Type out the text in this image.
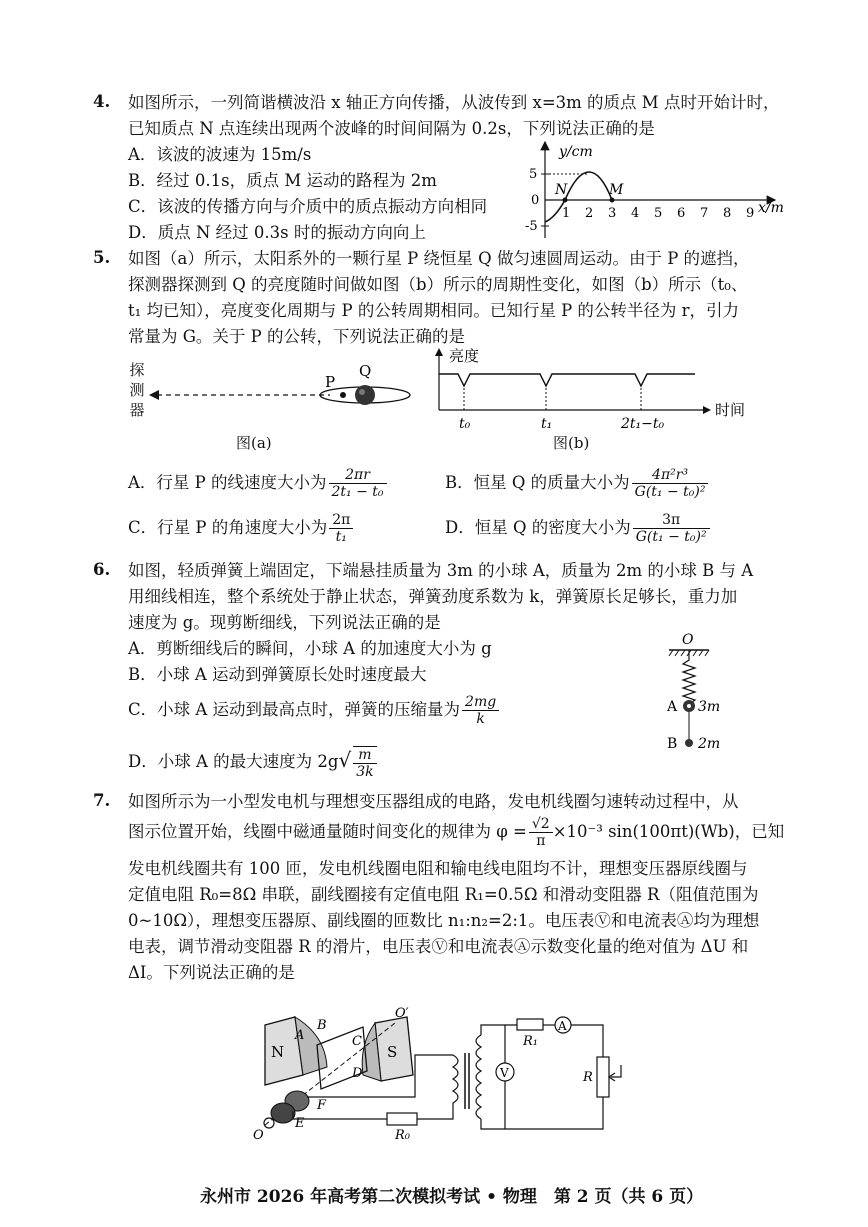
4. 如图所示，一列简谐横波沿 x 轴正方向传播，从波传到 x=3m 的质点 M 点时开始计时，
已知质点 N 点连续出现两个波峰的时间间隔为 0.2s，下列说法正确的是
A．该波的波速为 15m/s
B．经过 0.1s，质点 M 运动的路程为 2m
C．该波的传播方向与介质中的质点振动方向相同
D．质点 N 经过 0.3s 时的振动方向向上
y/cm
5
0
-5
N	M
1 2 3 4 5 6 7 8 9 x/m
5. 如图（a）所示，太阳系外的一颗行星 P 绕恒星 Q 做匀速圆周运动。由于 P 的遮挡，
探测器探测到 Q 的亮度随时间做如图（b）所示的周期性变化，如图（b）所示（t₀、
t₁ 均已知），亮度变化周期与 P 的公转周期相同。已知行星 P 的公转半径为 r，引力
常量为 G。关于 P 的公转，下列说法正确的是
探测器
P
Q
图(a)
亮度
t₀	t₁	2t₁−t₀
时间
图(b)
A．行星 P 的线速度大小为 $\frac{2\pi r}{\text{2t₁ − t₀}}$	B．恒星 Q 的质量大小为 $\frac{\text{4π²r³}}{\text{G(t₁ − t₀)²}}$
C．行星 P 的角速度大小为 $\frac{2\pi}{\text{t₁}}$	D．恒星 Q 的密度大小为 $\frac{3\pi}{\text{G(t₁ − t₀)²}}$
6. 如图，轻质弹簧上端固定，下端悬挂质量为 3m 的小球 A，质量为 2m 的小球 B 与 A
用细线相连，整个系统处于静止状态，弹簧劲度系数为 k，弹簧原长足够长，重力加
速度为 g。现剪断细线，下列说法正确的是
A．剪断细线后的瞬间，小球 A 的加速度大小为 g
B．小球 A 运动到弹簧原长处时速度最大
C．小球 A 运动到最高点时，弹簧的压缩量为 $\frac{2mg}{k}$
D．小球 A 的最大速度为 $2g√ \frac{m}{3k}$
O
A 3m
B 2m
7. 如图所示为一小型发电机与理想变压器组成的电路，发电机线圈匀速转动过程中，从
图示位置开始，线圈中磁通量随时间变化的规律为 $\varphi = \frac{√2}{\pi} \times 10^{-3}$ sin(100πt)(Wb)，已知
发电机线圈共有 100 匝，发电机线圈电阻和输电线电阻均不计，理想变压器原线圈与
定值电阻 R₀=8Ω 串联，副线圈接有定值电阻 R₁=0.5Ω 和滑动变阻器 R（阻值范围为
0~10Ω），理想变压器原、副线圈的匝数比 n₁:n₂=2:1。电压表Ⓥ和电流表Ⓐ均为理想
电表，调节滑动变阻器 R 的滑片，电压表Ⓥ和电流表Ⓐ示数变化量的绝对值为 ΔU 和
ΔI。下列说法正确的是
N	S
A
B
C
D
F
E
O
O′
R₀
R₁
A
R
V
永州市 2026 年高考第二次模拟考试 • 物理　第 2 页（共 6 页）
